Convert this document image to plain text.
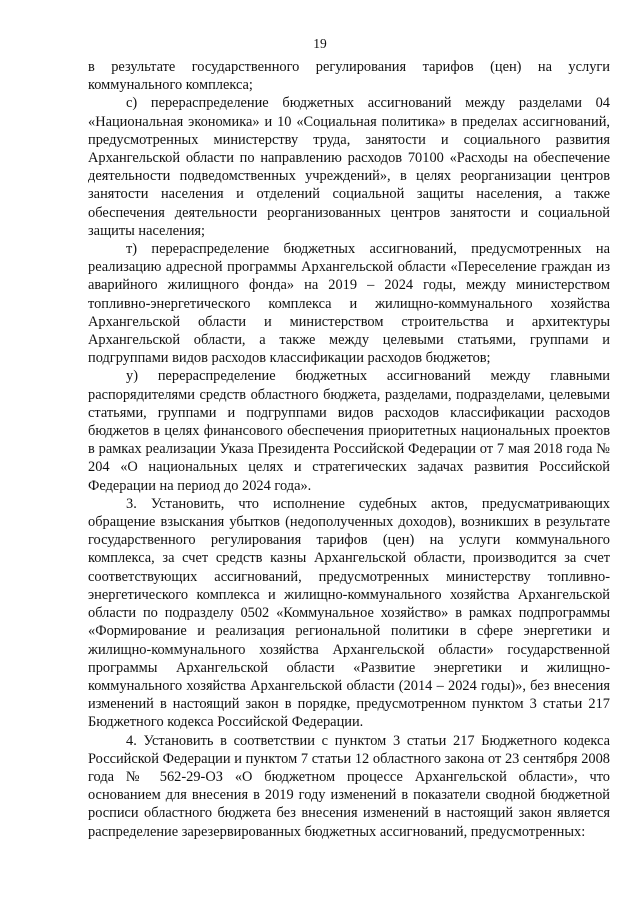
19

в результате государственного регулирования тарифов (цен) на услуги коммунального комплекса;

с) перераспределение бюджетных ассигнований между разделами 04 «Национальная экономика» и 10 «Социальная политика» в пределах ассигнований, предусмотренных министерству труда, занятости и социального развития Архангельской области по направлению расходов 70100 «Расходы на обеспечение деятельности подведомственных учреждений», в целях реорганизации центров занятости населения и отделений социальной защиты населения, а также обеспечения деятельности реорганизованных центров занятости и социальной защиты населения;

т) перераспределение бюджетных ассигнований, предусмотренных на реализацию адресной программы Архангельской области «Переселение граждан из аварийного жилищного фонда» на 2019 – 2024 годы, между министерством топливно-энергетического комплекса и жилищно-коммунального хозяйства Архангельской области и министерством строительства и архитектуры Архангельской области, а также между целевыми статьями, группами и подгруппами видов расходов классификации расходов бюджетов;

у) перераспределение бюджетных ассигнований между главными распорядителями средств областного бюджета, разделами, подразделами, целевыми статьями, группами и подгруппами видов расходов классификации расходов бюджетов в целях финансового обеспечения приоритетных национальных проектов в рамках реализации Указа Президента Российской Федерации от 7 мая 2018 года № 204 «О национальных целях и стратегических задачах развития Российской Федерации на период до 2024 года».

3. Установить, что исполнение судебных актов, предусматривающих обращение взыскания убытков (недополученных доходов), возникших в результате государственного регулирования тарифов (цен) на услуги коммунального комплекса, за счет средств казны Архангельской области, производится за счет соответствующих ассигнований, предусмотренных министерству топливно-энергетического комплекса и жилищно-коммунального хозяйства Архангельской области по подразделу 0502 «Коммунальное хозяйство» в рамках подпрограммы «Формирование и реализация региональной политики в сфере энергетики и жилищно-коммунального хозяйства Архангельской области» государственной программы Архангельской области «Развитие энергетики и жилищно-коммунального хозяйства Архангельской области (2014 – 2024 годы)», без внесения изменений в настоящий закон в порядке, предусмотренном пунктом 3 статьи 217 Бюджетного кодекса Российской Федерации.

4. Установить в соответствии с пунктом 3 статьи 217 Бюджетного кодекса Российской Федерации и пунктом 7 статьи 12 областного закона от 23 сентября 2008 года № 562-29-ОЗ «О бюджетном процессе Архангельской области», что основанием для внесения в 2019 году изменений в показатели сводной бюджетной росписи областного бюджета без внесения изменений в настоящий закон является распределение зарезервированных бюджетных ассигнований, предусмотренных:
